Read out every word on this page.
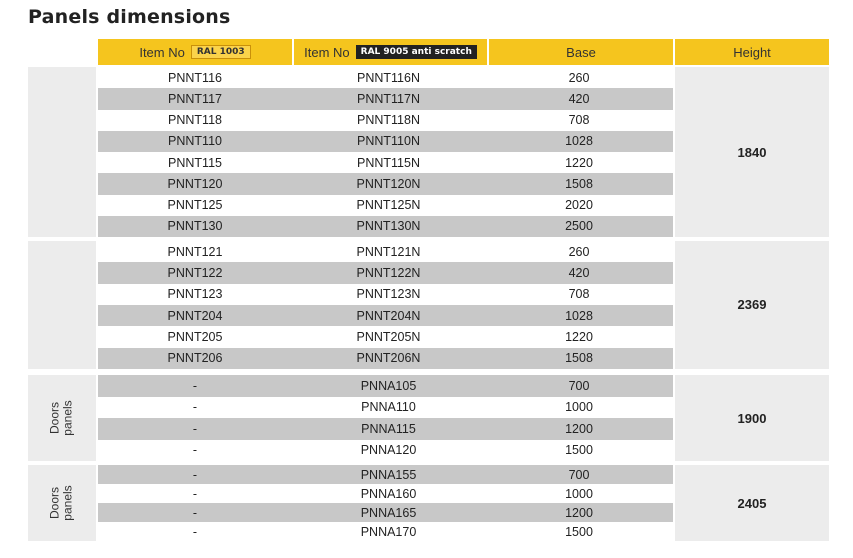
Panels dimensions
Item No	RAL 1003	Item No	RAL 9005 anti scratch	Base	Height
PNNT116	PNNT116N	260
PNNT117	PNNT117N	420
PNNT118	PNNT118N	708
PNNT110	PNNT110N	1028
PNNT115	PNNT115N	1220
PNNT120	PNNT120N	1508
PNNT125	PNNT125N	2020
PNNT130	PNNT130N	2500
1840
PNNT121	PNNT121N	260
PNNT122	PNNT122N	420
PNNT123	PNNT123N	708
PNNT204	PNNT204N	1028
PNNT205	PNNT205N	1220
PNNT206	PNNT206N	1508
2369
Doors
panels
-	PNNA105	700
-	PNNA110	1000
-	PNNA115	1200
-	PNNA120	1500
1900
Doors
panels
-	PNNA155	700
-	PNNA160	1000
-	PNNA165	1200
-	PNNA170	1500
2405
